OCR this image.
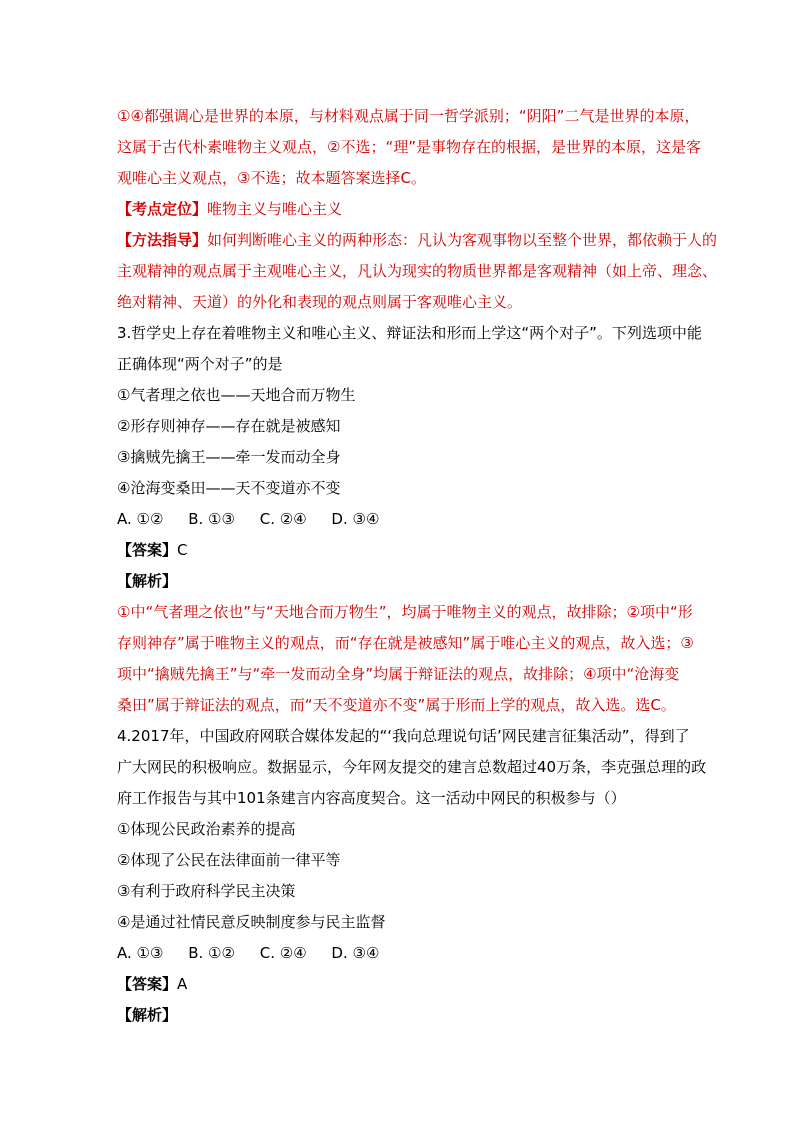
①④都强调心是世界的本原，与材料观点属于同一哲学派别；“阴阳”二气是世界的本原，
这属于古代朴素唯物主义观点，②不选；“理”是事物存在的根据，是世界的本原，这是客
观唯心主义观点，③不选；故本题答案选择C。
【考点定位】唯物主义与唯心主义
【方法指导】如何判断唯心主义的两种形态：凡认为客观事物以至整个世界，都依赖于人的
主观精神的观点属于主观唯心主义，凡认为现实的物质世界都是客观精神（如上帝、理念、
绝对精神、天道）的外化和表现的观点则属于客观唯心主义。
3.哲学史上存在着唯物主义和唯心主义、辩证法和形而上学这“两个对子”。下列选项中能
正确体现“两个对子”的是
①气者理之依也——天地合而万物生
②形存则神存——存在就是被感知
③擒贼先擒王——牵一发而动全身
④沧海变桑田——天不变道亦不变
A. ①② B. ①③ C. ②④ D. ③④
【答案】C
【解析】
①中“气者理之依也”与“天地合而万物生”，均属于唯物主义的观点，故排除；②项中“形
存则神存”属于唯物主义的观点，而“存在就是被感知”属于唯心主义的观点，故入选；③
项中“擒贼先擒王”与“牵一发而动全身”均属于辩证法的观点，故排除；④项中“沧海变
桑田”属于辩证法的观点，而“天不变道亦不变”属于形而上学的观点，故入选。选C。
4.2017年，中国政府网联合媒体发起的“‘我向总理说句话’网民建言征集活动”，得到了
广大网民的积极响应。数据显示，今年网友提交的建言总数超过40万条，李克强总理的政
府工作报告与其中101条建言内容高度契合。这一活动中网民的积极参与（）
①体现公民政治素养的提高
②体现了公民在法律面前一律平等
③有利于政府科学民主决策
④是通过社情民意反映制度参与民主监督
A. ①③ B. ①② C. ②④ D. ③④
【答案】A
【解析】
